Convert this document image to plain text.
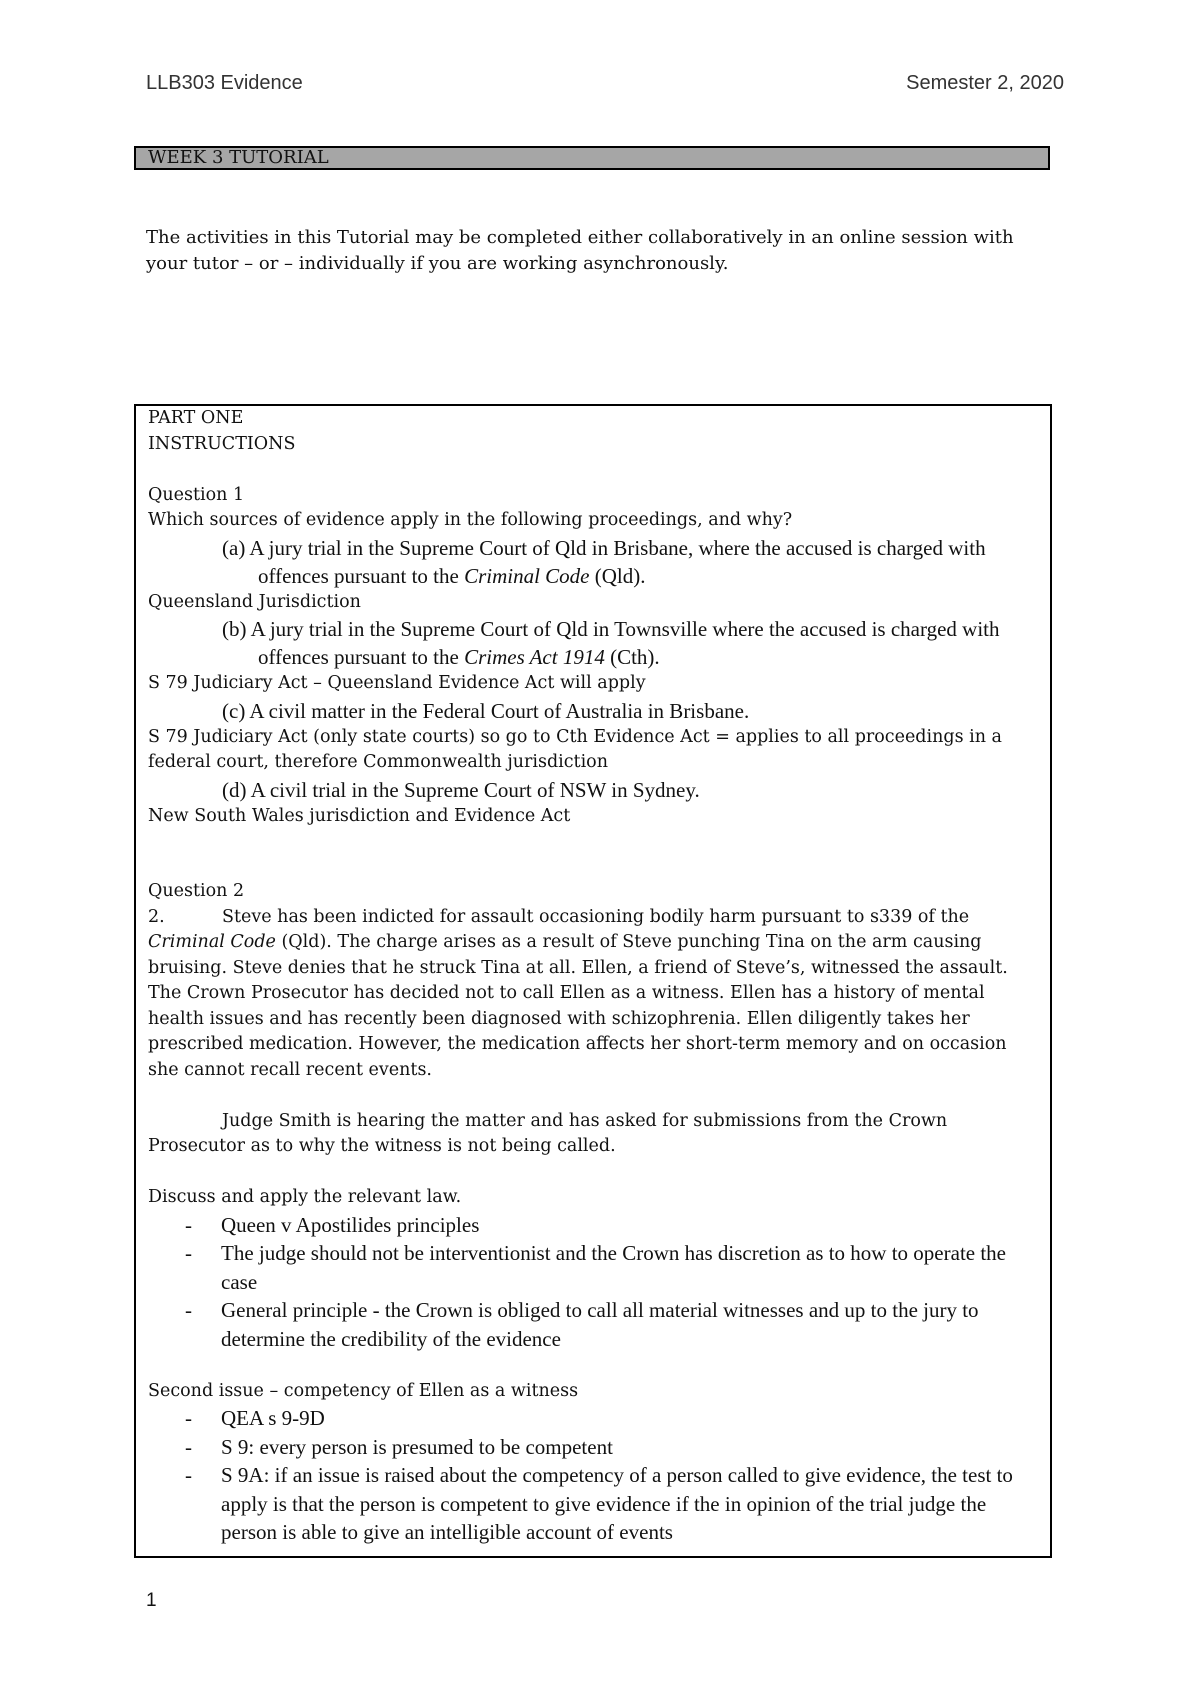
LLB303 Evidence	Semester 2, 2020
WEEK 3 TUTORIAL
The activities in this Tutorial may be completed either collaboratively in an online session with your tutor – or – individually if you are working asynchronously.
PART ONE
INSTRUCTIONS
Question 1
Which sources of evidence apply in the following proceedings, and why?
(a) A jury trial in the Supreme Court of Qld in Brisbane, where the accused is charged with offences pursuant to the Criminal Code (Qld).
Queensland Jurisdiction
(b) A jury trial in the Supreme Court of Qld in Townsville where the accused is charged with offences pursuant to the Crimes Act 1914 (Cth).
S 79 Judiciary Act – Queensland Evidence Act will apply
(c) A civil matter in the Federal Court of Australia in Brisbane.
S 79 Judiciary Act (only state courts) so go to Cth Evidence Act = applies to all proceedings in a federal court, therefore Commonwealth jurisdiction
(d) A civil trial in the Supreme Court of NSW in Sydney.
New South Wales jurisdiction and Evidence Act
Question 2
2.	Steve has been indicted for assault occasioning bodily harm pursuant to s339 of the Criminal Code (Qld). The charge arises as a result of Steve punching Tina on the arm causing bruising. Steve denies that he struck Tina at all. Ellen, a friend of Steve’s, witnessed the assault. The Crown Prosecutor has decided not to call Ellen as a witness. Ellen has a history of mental health issues and has recently been diagnosed with schizophrenia. Ellen diligently takes her prescribed medication. However, the medication affects her short-term memory and on occasion she cannot recall recent events.
Judge Smith is hearing the matter and has asked for submissions from the Crown Prosecutor as to why the witness is not being called.
Discuss and apply the relevant law.
-	Queen v Apostilides principles
-	The judge should not be interventionist and the Crown has discretion as to how to operate the case
-	General principle - the Crown is obliged to call all material witnesses and up to the jury to determine the credibility of the evidence
Second issue – competency of Ellen as a witness
-	QEA s 9-9D
-	S 9: every person is presumed to be competent
-	S 9A: if an issue is raised about the competency of a person called to give evidence, the test to apply is that the person is competent to give evidence if the in opinion of the trial judge the person is able to give an intelligible account of events
1
